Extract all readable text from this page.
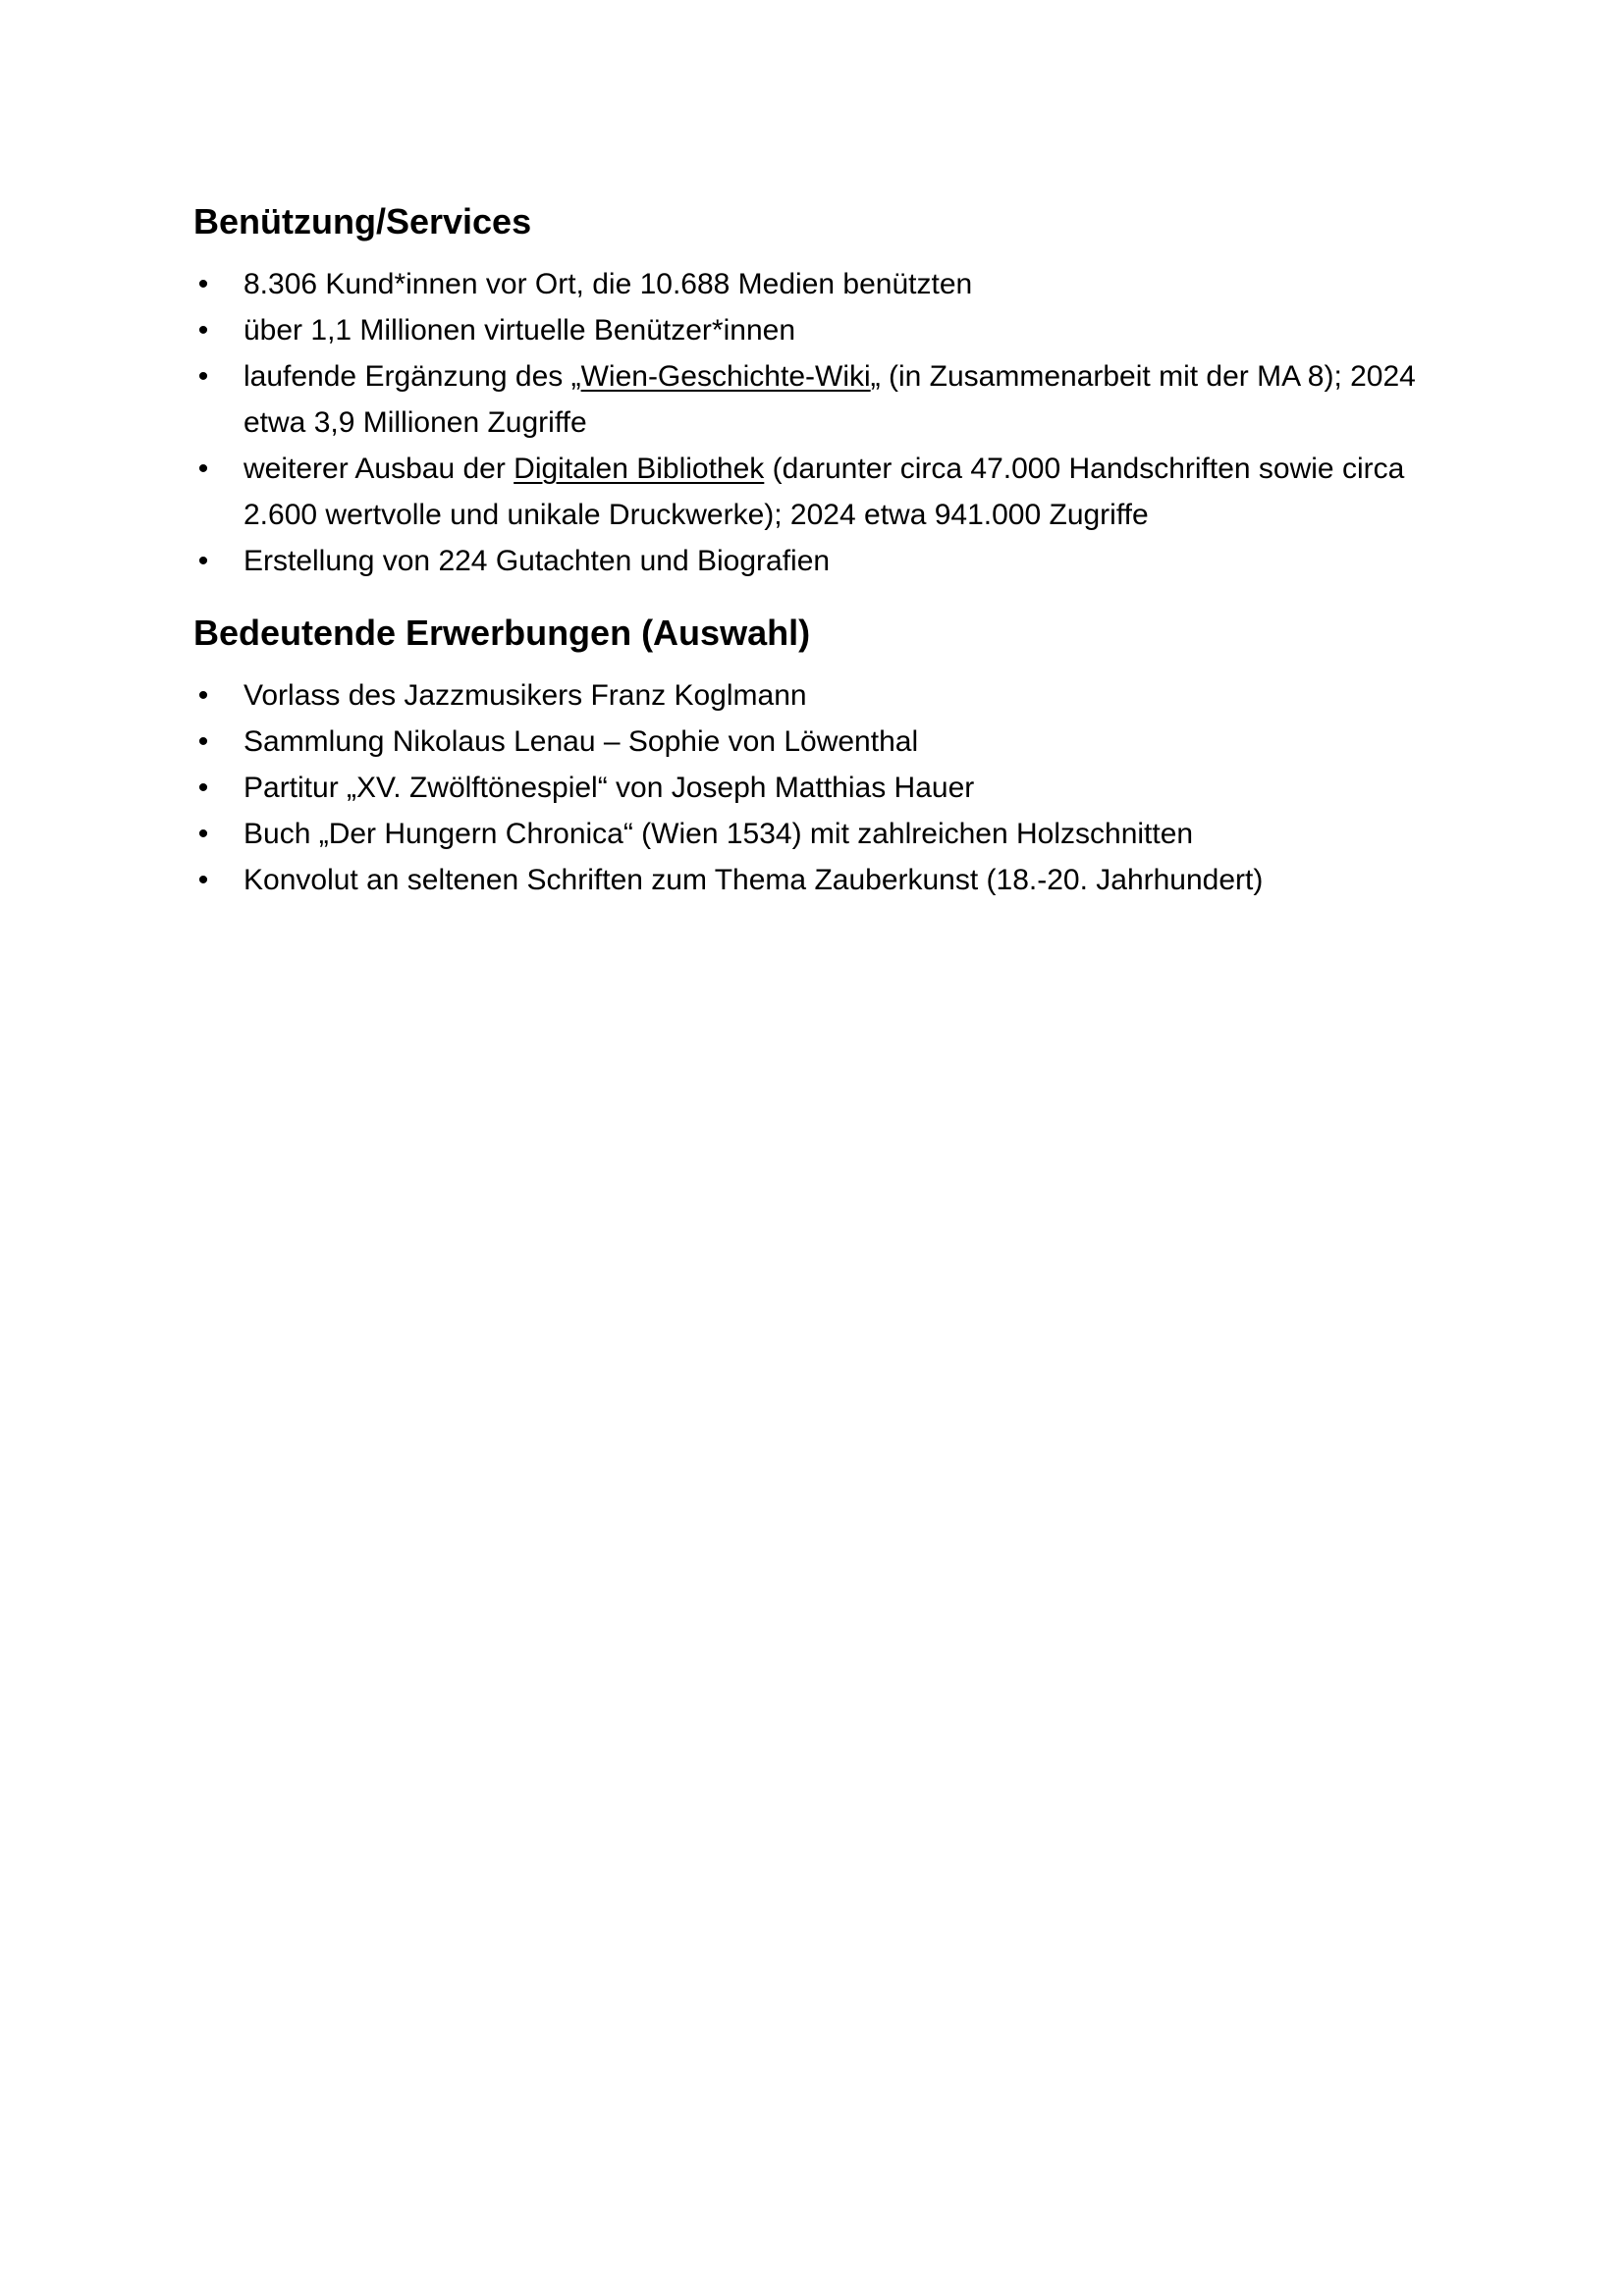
Benützung/Services
• 8.306 Kund*innen vor Ort, die 10.688 Medien benützten
• über 1,1 Millionen virtuelle Benützer*innen
• laufende Ergänzung des „Wien-Geschichte-Wiki„ (in Zusammenarbeit mit der MA 8); 2024 etwa 3,9 Millionen Zugriffe
• weiterer Ausbau der Digitalen Bibliothek (darunter circa 47.000 Handschriften sowie circa 2.600 wertvolle und unikale Druckwerke); 2024 etwa 941.000 Zugriffe
• Erstellung von 224 Gutachten und Biografien
Bedeutende Erwerbungen (Auswahl)
• Vorlass des Jazzmusikers Franz Koglmann
• Sammlung Nikolaus Lenau – Sophie von Löwenthal
• Partitur „XV. Zwölftönespiel“ von Joseph Matthias Hauer
• Buch „Der Hungern Chronica“ (Wien 1534) mit zahlreichen Holzschnitten
• Konvolut an seltenen Schriften zum Thema Zauberkunst (18.-20. Jahrhundert)
